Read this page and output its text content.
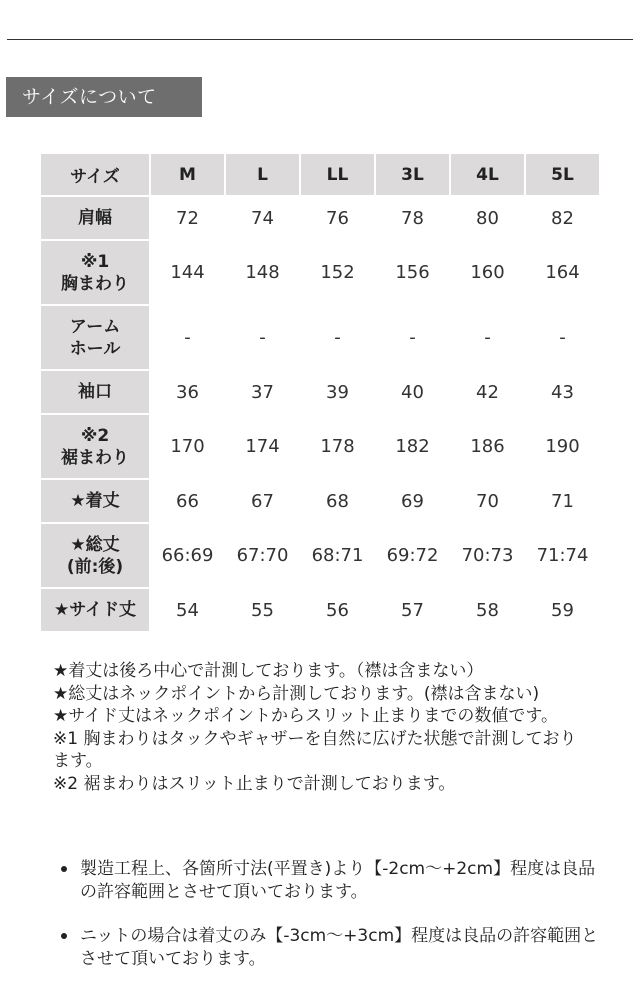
サイズについて
サイズ	M	L	LL	3L	4L	5L
肩幅	72	74	76	78	80	82
※1
胸まわり	144	148	152	156	160	164
アーム
ホール	-	-	-	-	-	-
袖口	36	37	39	40	42	43
※2
裾まわり	170	174	178	182	186	190
★着丈	66	67	68	69	70	71
★総丈
(前:後)	66:69	67:70	68:71	69:72	70:73	71:74
★サイド丈	54	55	56	57	58	59

★着丈は後ろ中心で計測しております。（襟は含まない）

★総丈はネックポイントから計測しております。(襟は含まない)

★サイド丈はネックポイントからスリット止まりまでの数値です。

※1 胸まわりはタックやギャザーを自然に広げた状態で計測しております。

※2 裾まわりはスリット止まりで計測しております。

製造工程上、各箇所寸法(平置き)より【-2cm～+2cm】程度は良品の許容範囲とさせて頂いております。
ニットの場合は着丈のみ【-3cm～+3cm】程度は良品の許容範囲とさせて頂いております。
